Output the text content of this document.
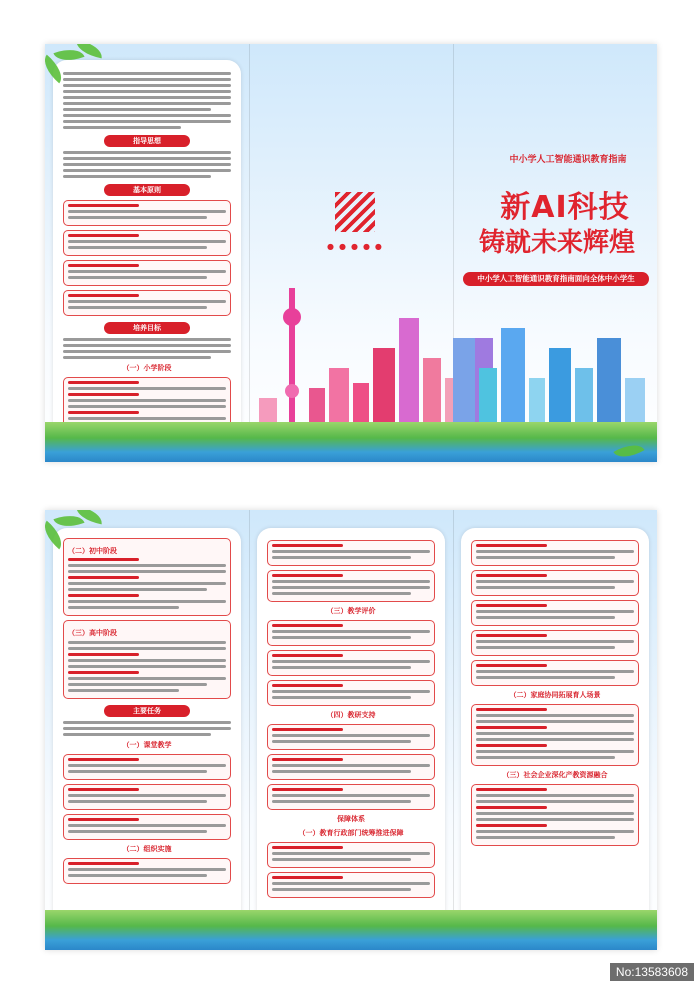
指导思想
基本原则
培养目标
（一）小学阶段
中小学人工智能通识教育指南
新AI科技
铸就未来辉煌
中小学人工智能通识教育指南面向全体中小学生
●●●●●
（二）初中阶段
（三）高中阶段
主要任务
（一）课堂教学
（二）组织实施
（三）教学评价
（四）教研支持
保障体系
（一）教育行政部门统筹推进保障
（二）家庭协同拓展育人场景
（三）社会企业深化产教资源融合
No:13583608
